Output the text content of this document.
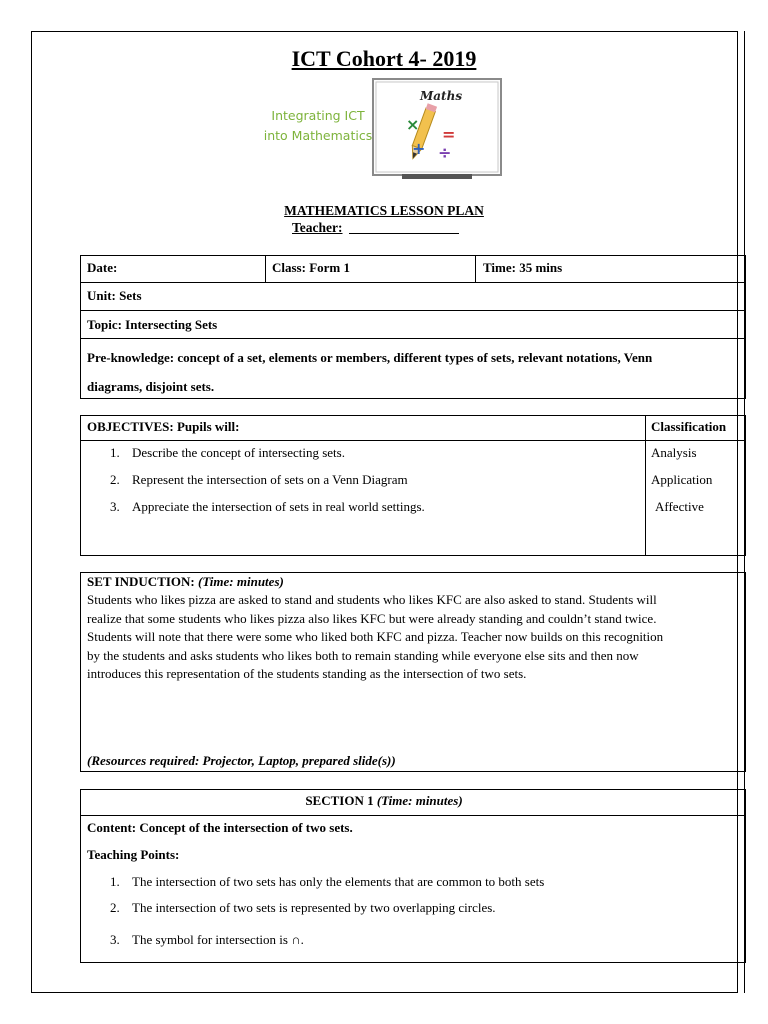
ICT Cohort 4- 2019
Integrating ICT
into Mathematics
Maths
×
=
+ ÷
MATHEMATICS LESSON PLAN
Teacher:
Date:	Class: Form 1	Time: 35 mins
Unit: Sets
Topic: Intersecting Sets
Pre-knowledge: concept of a set, elements or members, different types of sets, relevant notations, Venn
diagrams, disjoint sets.
OBJECTIVES: Pupils will:	Classification
1. Describe the concept of intersecting sets.	Analysis
2. Represent the intersection of sets on a Venn Diagram	Application
3. Appreciate the intersection of sets in real world settings.	Affective
SET INDUCTION: (Time: minutes)
Students who likes pizza are asked to stand and students who likes KFC are also asked to stand. Students will
realize that some students who likes pizza also likes KFC but were already standing and couldn’t stand twice.
Students will note that there were some who liked both KFC and pizza. Teacher now builds on this recognition
by the students and asks students who likes both to remain standing while everyone else sits and then now
introduces this representation of the students standing as the intersection of two sets.
(Resources required: Projector, Laptop, prepared slide(s))
SECTION 1 (Time: minutes)
Content: Concept of the intersection of two sets.
Teaching Points:
1. The intersection of two sets has only the elements that are common to both sets
2. The intersection of two sets is represented by two overlapping circles.
3. The symbol for intersection is ∩.
